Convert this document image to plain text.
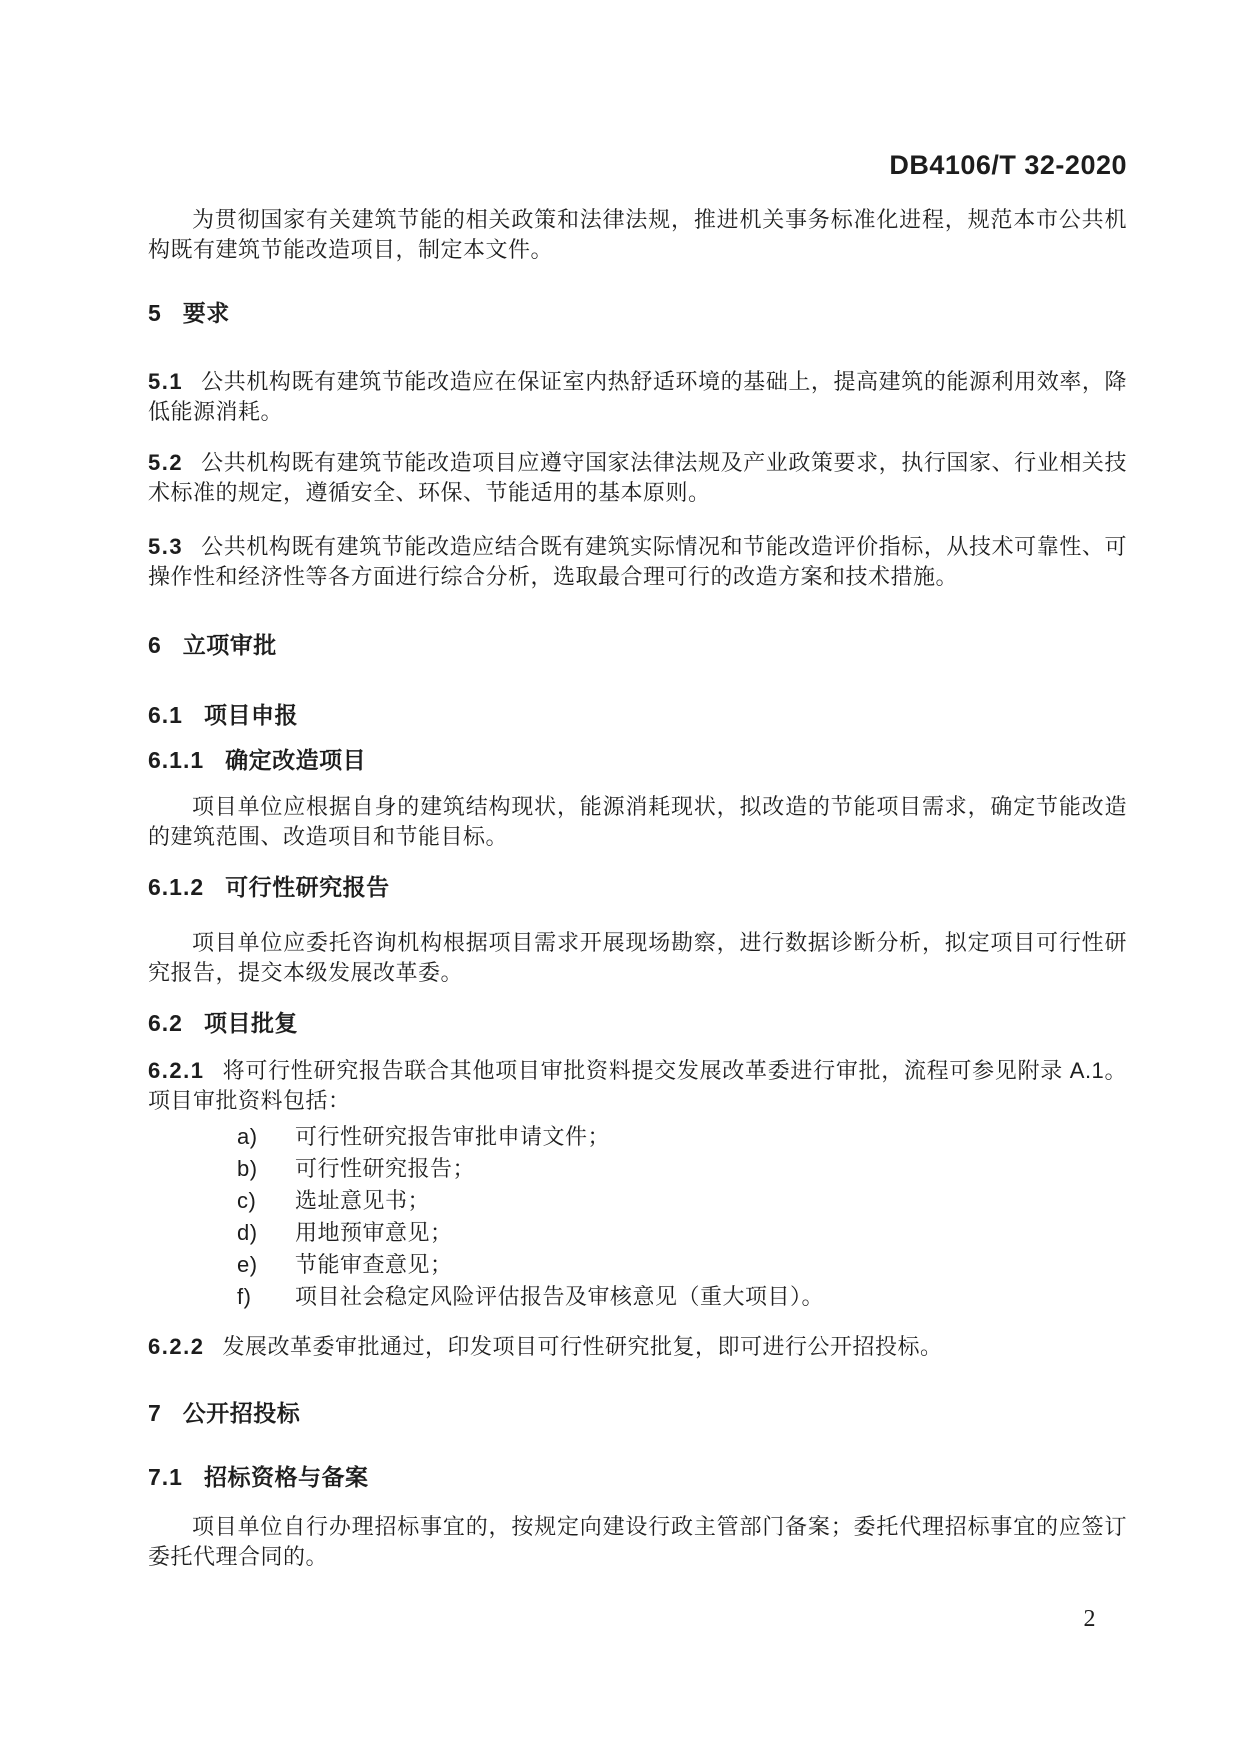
DB4106/T 32-2020

为贯彻国家有关建筑节能的相关政策和法律法规，推进机关事务标准化进程，规范本市公共机构既有建筑节能改造项目，制定本文件。

5 要求

5.1 公共机构既有建筑节能改造应在保证室内热舒适环境的基础上，提高建筑的能源利用效率，降低能源消耗。

5.2 公共机构既有建筑节能改造项目应遵守国家法律法规及产业政策要求，执行国家、行业相关技术标准的规定，遵循安全、环保、节能适用的基本原则。

5.3 公共机构既有建筑节能改造应结合既有建筑实际情况和节能改造评价指标，从技术可靠性、可操作性和经济性等各方面进行综合分析，选取最合理可行的改造方案和技术措施。

6 立项审批
6.1 项目申报
6.1.1 确定改造项目

项目单位应根据自身的建筑结构现状，能源消耗现状，拟改造的节能项目需求，确定节能改造的建筑范围、改造项目和节能目标。

6.1.2 可行性研究报告

项目单位应委托咨询机构根据项目需求开展现场勘察，进行数据诊断分析，拟定项目可行性研究报告，提交本级发展改革委。

6.2 项目批复

6.2.1 将可行性研究报告联合其他项目审批资料提交发展改革委进行审批，流程可参见附录 A.1。项目审批资料包括：

a)	可行性研究报告审批申请文件；
b)	可行性研究报告；
c)	选址意见书；
d)	用地预审意见；
e)	节能审查意见；
f)	项目社会稳定风险评估报告及审核意见（重大项目）。

6.2.2 发展改革委审批通过，印发项目可行性研究批复，即可进行公开招投标。

7 公开招投标
7.1 招标资格与备案

项目单位自行办理招标事宜的，按规定向建设行政主管部门备案；委托代理招标事宜的应签订委托代理合同的。

2
